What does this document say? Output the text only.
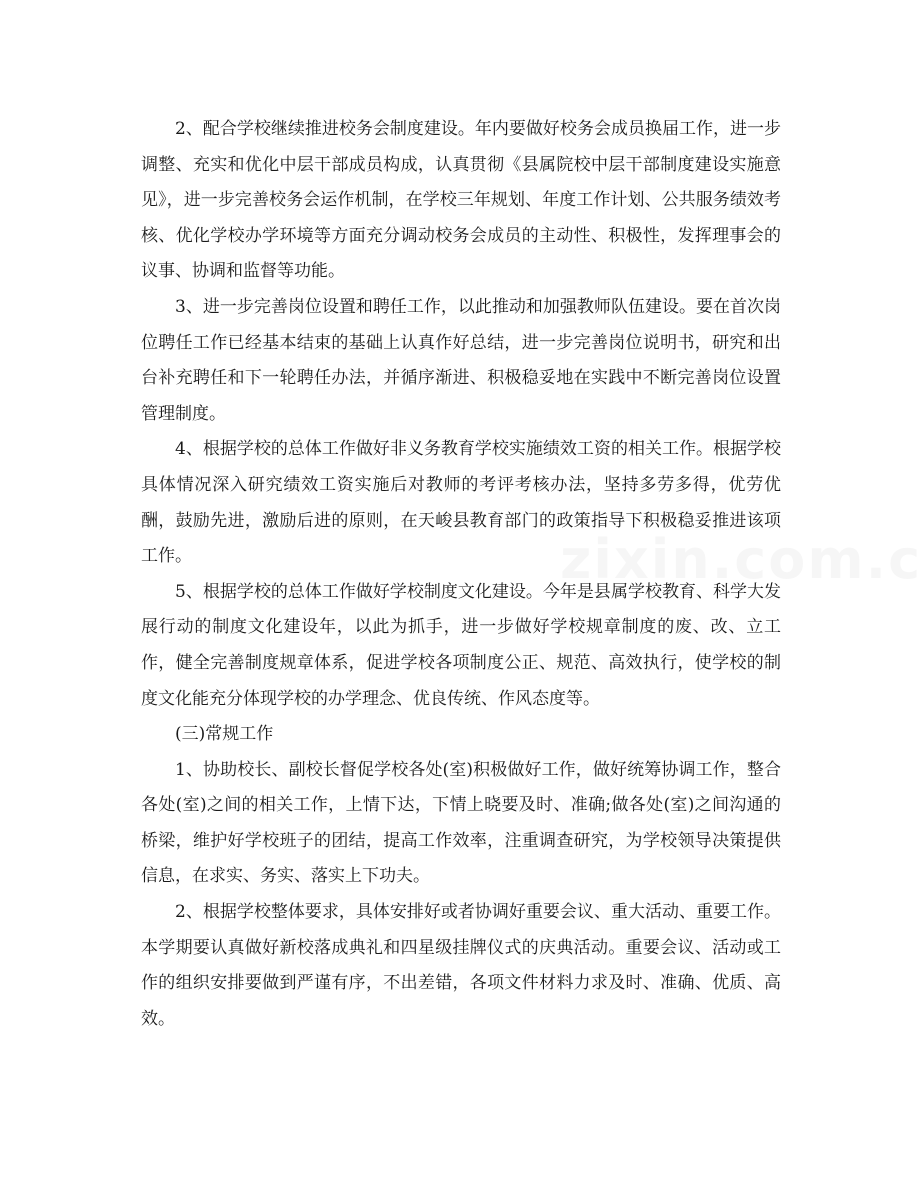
2、配合学校继续推进校务会制度建设。年内要做好校务会成员换届工作，进一步调整、充实和优化中层干部成员构成，认真贯彻《县属院校中层干部制度建设实施意见》，进一步完善校务会运作机制，在学校三年规划、年度工作计划、公共服务绩效考核、优化学校办学环境等方面充分调动校务会成员的主动性、积极性，发挥理事会的议事、协调和监督等功能。

3、进一步完善岗位设置和聘任工作，以此推动和加强教师队伍建设。要在首次岗位聘任工作已经基本结束的基础上认真作好总结，进一步完善岗位说明书，研究和出台补充聘任和下一轮聘任办法，并循序渐进、积极稳妥地在实践中不断完善岗位设置管理制度。

4、根据学校的总体工作做好非义务教育学校实施绩效工资的相关工作。根据学校具体情况深入研究绩效工资实施后对教师的考评考核办法，坚持多劳多得，优劳优酬，鼓励先进，激励后进的原则，在天峻县教育部门的政策指导下积极稳妥推进该项工作。

5、根据学校的总体工作做好学校制度文化建设。今年是县属学校教育、科学大发展行动的制度文化建设年，以此为抓手，进一步做好学校规章制度的废、改、立工作，健全完善制度规章体系，促进学校各项制度公正、规范、高效执行，使学校的制度文化能充分体现学校的办学理念、优良传统、作风态度等。

(三)常规工作

1、协助校长、副校长督促学校各处(室)积极做好工作，做好统筹协调工作，整合各处(室)之间的相关工作，上情下达，下情上晓要及时、准确;做各处(室)之间沟通的桥梁，维护好学校班子的团结，提高工作效率，注重调查研究，为学校领导决策提供信息，在求实、务实、落实上下功夫。

2、根据学校整体要求，具体安排好或者协调好重要会议、重大活动、重要工作。本学期要认真做好新校落成典礼和四星级挂牌仪式的庆典活动。重要会议、活动或工作的组织安排要做到严谨有序，不出差错，各项文件材料力求及时、准确、优质、高效。
